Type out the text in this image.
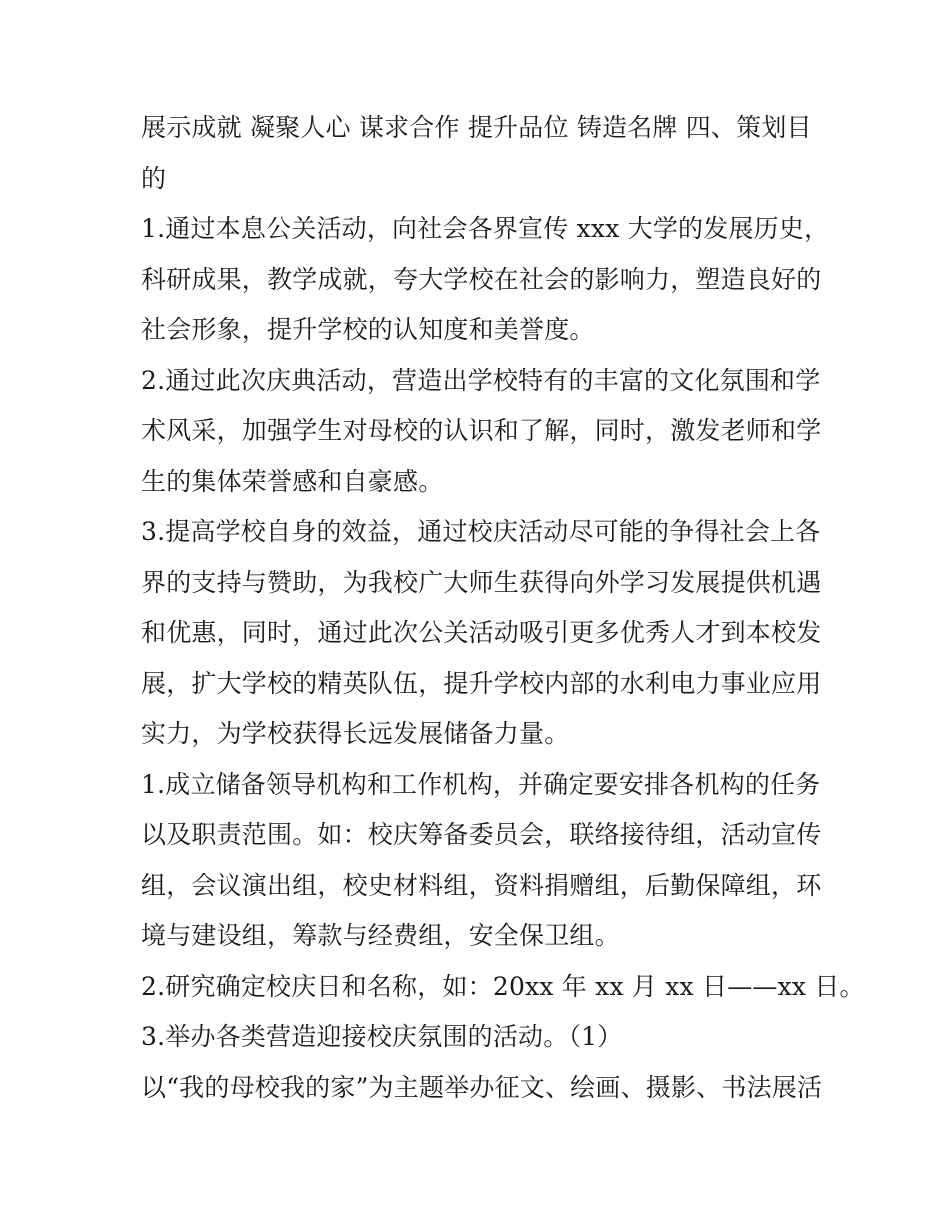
展示成就 凝聚人心 谋求合作 提升品位 铸造名牌 四、策划目
的

1.通过本息公关活动，向社会各界宣传 xxx 大学的发展历史，
科研成果，教学成就，夸大学校在社会的影响力，塑造良好的
社会形象，提升学校的认知度和美誉度。

2.通过此次庆典活动，营造出学校特有的丰富的文化氛围和学
术风采，加强学生对母校的认识和了解，同时，激发老师和学
生的集体荣誉感和自豪感。

3.提高学校自身的效益，通过校庆活动尽可能的争得社会上各
界的支持与赞助，为我校广大师生获得向外学习发展提供机遇
和优惠，同时，通过此次公关活动吸引更多优秀人才到本校发
展，扩大学校的精英队伍，提升学校内部的水利电力事业应用
实力，为学校获得长远发展储备力量。

1.成立储备领导机构和工作机构，并确定要安排各机构的任务
以及职责范围。如：校庆筹备委员会，联络接待组，活动宣传
组，会议演出组，校史材料组，资料捐赠组，后勤保障组，环
境与建设组，筹款与经费组，安全保卫组。

2.研究确定校庆日和名称，如：20xx 年 xx 月 xx 日——xx 日。

3.举办各类营造迎接校庆氛围的活动。（1）

以“我的母校我的家”为主题举办征文、绘画、摄影、书法展活
